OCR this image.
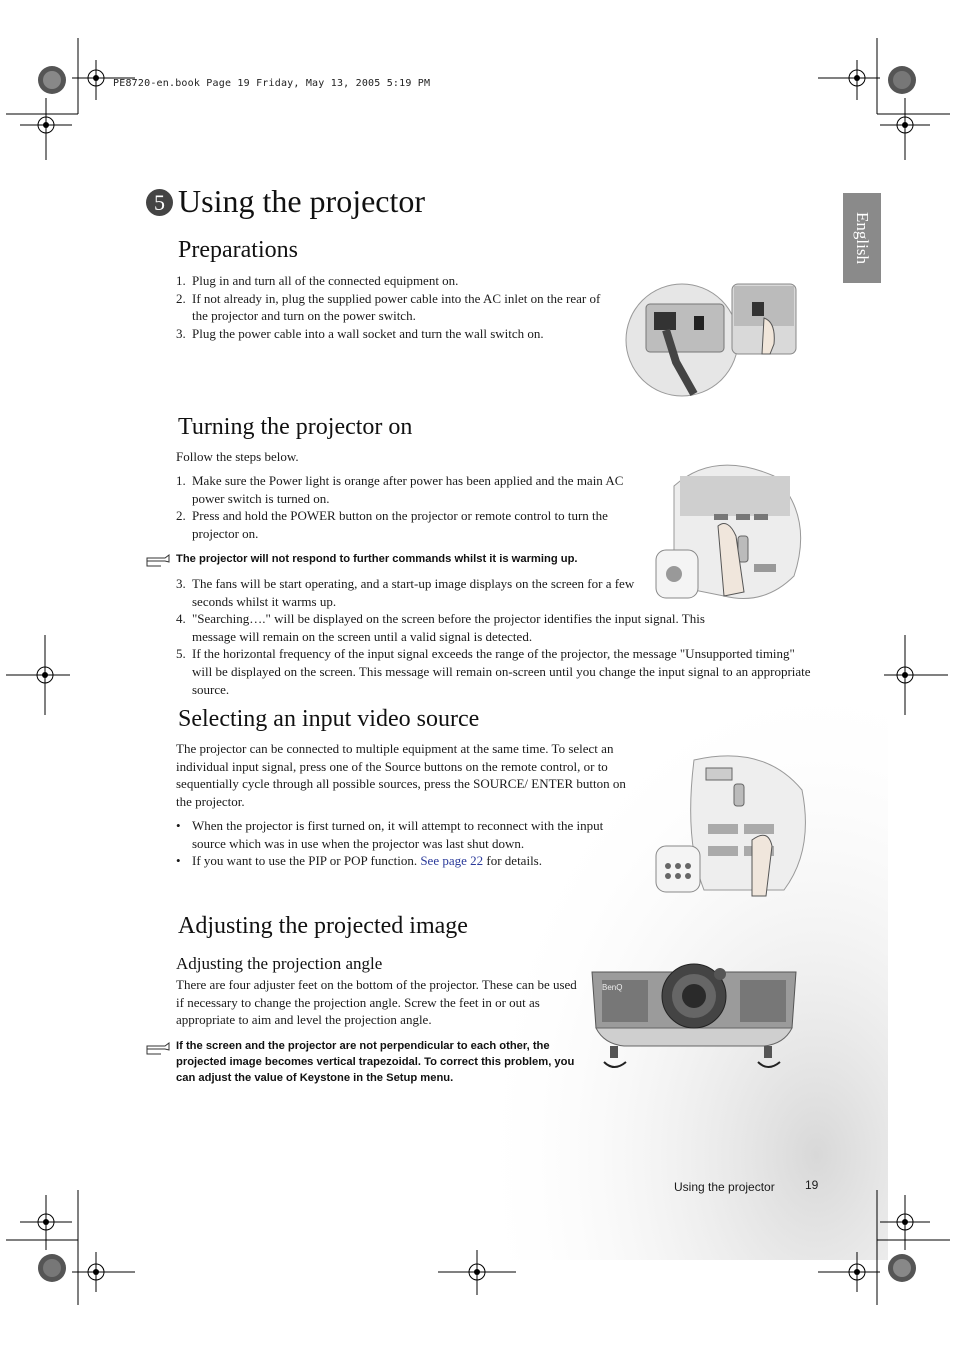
PE8720-en.book Page 19 Friday, May 13, 2005 5:19 PM
English
5 Using the projector
Preparations
1. Plug in and turn all of the connected equipment on.
2. If not already in, plug the supplied power cable into the AC inlet on the rear of the projector and turn on the power switch.
3. Plug the power cable into a wall socket and turn the wall switch on.
Turning the projector on
Follow the steps below.
1. Make sure the Power light is orange after power has been applied and the main AC power switch is turned on.
2. Press and hold the POWER button on the projector or remote control to turn the projector on.
The projector will not respond to further commands whilst it is warming up.
3. The fans will be start operating, and a start-up image displays on the screen for a few seconds whilst it warms up.
4. "Searching…." will be displayed on the screen before the projector identifies the input signal. This message will remain on the screen until a valid signal is detected.
5. If the horizontal frequency of the input signal exceeds the range of the projector, the message "Unsupported timing" will be displayed on the screen. This message will remain on-screen until you change the input signal to an appropriate source.
Selecting an input video source
The projector can be connected to multiple equipment at the same time. To select an individual input signal, press one of the Source buttons on the remote control, or to sequentially cycle through all possible sources, press the SOURCE/ ENTER button on the projector.
• When the projector is first turned on, it will attempt to reconnect with the input source which was in use when the projector was last shut down.
• If you want to use the PIP or POP function. See page 22 for details.
Adjusting the projected image
Adjusting the projection angle
There are four adjuster feet on the bottom of the projector. These can be used if necessary to change the projection angle. Screw the feet in or out as appropriate to aim and level the projection angle.
If the screen and the projector are not perpendicular to each other, the projected image becomes vertical trapezoidal. To correct this problem, you can adjust the value of Keystone in the Setup menu.
BenQ
Using the projector	19
